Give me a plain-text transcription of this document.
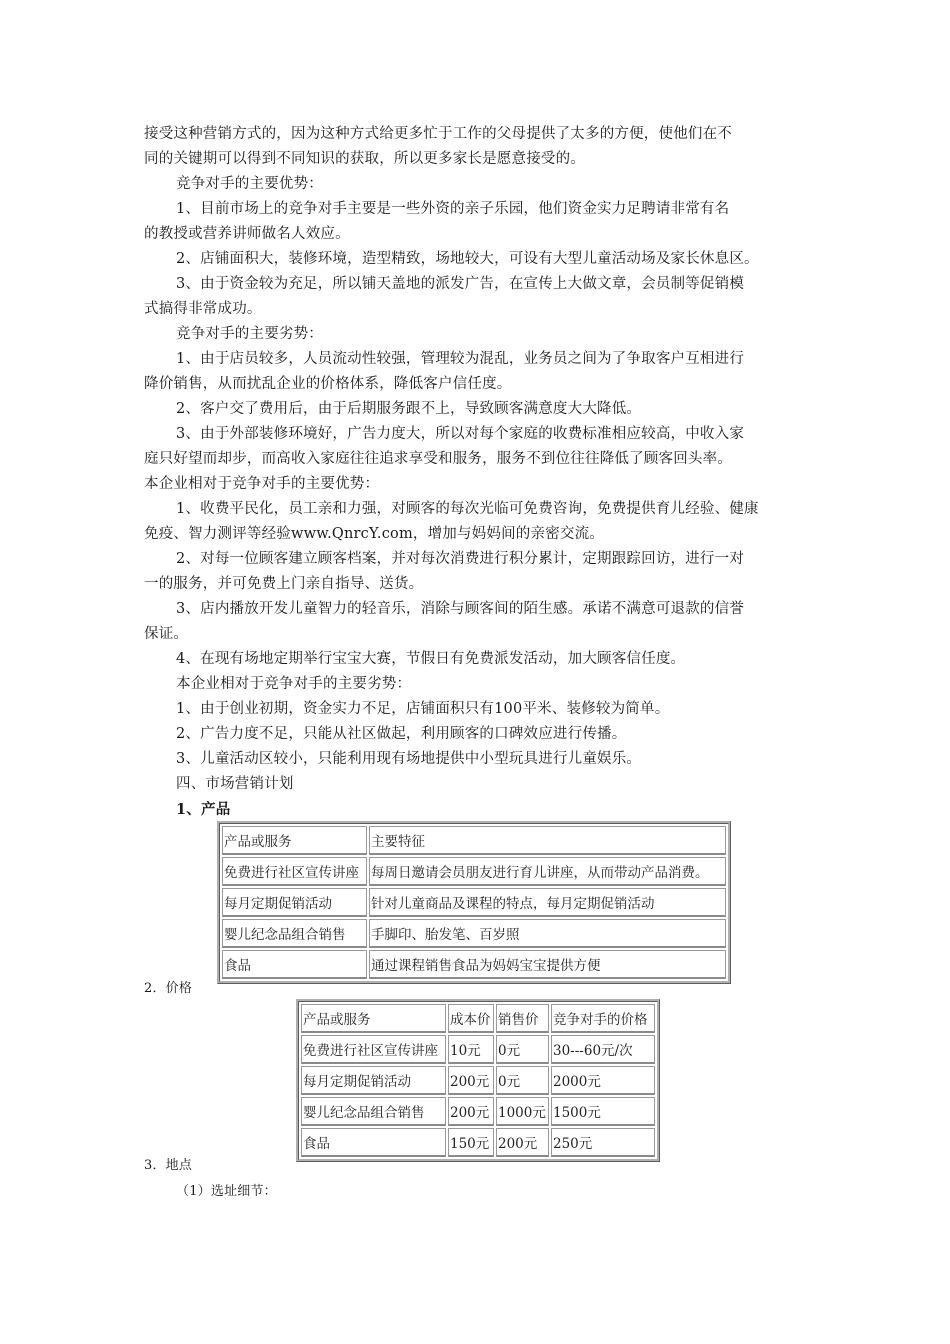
接受这种营销方式的，因为这种方式给更多忙于工作的父母提供了太多的方便，使他们在不
同的关键期可以得到不同知识的获取，所以更多家长是愿意接受的。
竞争对手的主要优势：
1、目前市场上的竞争对手主要是一些外资的亲子乐园，他们资金实力足聘请非常有名
的教授或营养讲师做名人效应。
2、店铺面积大，装修环境，造型精致，场地较大，可设有大型儿童活动场及家长休息区。
3、由于资金较为充足，所以铺天盖地的派发广告，在宣传上大做文章，会员制等促销模
式搞得非常成功。
竞争对手的主要劣势：
1、由于店员较多，人员流动性较强，管理较为混乱，业务员之间为了争取客户互相进行
降价销售，从而扰乱企业的价格体系，降低客户信任度。
2、客户交了费用后，由于后期服务跟不上，导致顾客满意度大大降低。
3、由于外部装修环境好，广告力度大，所以对每个家庭的收费标准相应较高，中收入家
庭只好望而却步，而高收入家庭往往追求享受和服务，服务不到位往往降低了顾客回头率。
本企业相对于竞争对手的主要优势：
1、收费平民化，员工亲和力强，对顾客的每次光临可免费咨询，免费提供育儿经验、健康
免疫、智力测评等经验www.QnrcY.com，增加与妈妈间的亲密交流。
2、对每一位顾客建立顾客档案，并对每次消费进行积分累计，定期跟踪回访，进行一对
一的服务，并可免费上门亲自指导、送货。
3、店内播放开发儿童智力的轻音乐，消除与顾客间的陌生感。承诺不满意可退款的信誉
保证。
4、在现有场地定期举行宝宝大赛，节假日有免费派发活动，加大顾客信任度。
本企业相对于竞争对手的主要劣势：
1、由于创业初期，资金实力不足，店铺面积只有100平米、装修较为简单。
2、广告力度不足，只能从社区做起，利用顾客的口碑效应进行传播。
3、儿童活动区较小，只能利用现有场地提供中小型玩具进行儿童娱乐。
四、市场营销计划
1、产品
产品或服务	主要特征
免费进行社区宣传讲座	每周日邀请会员朋友进行育儿讲座，从而带动产品消费。
每月定期促销活动	针对儿童商品及课程的特点，每月定期促销活动
婴儿纪念品组合销售	手脚印、胎发笔、百岁照
食品	通过课程销售食品为妈妈宝宝提供方便
2．价格
产品或服务	成本价	销售价	竞争对手的价格
免费进行社区宣传讲座	10元	0元	30---60元/次
每月定期促销活动	200元	0元	2000元
婴儿纪念品组合销售	200元	1000元	1500元
食品	150元	200元	250元
3．地点
（1）选址细节：
